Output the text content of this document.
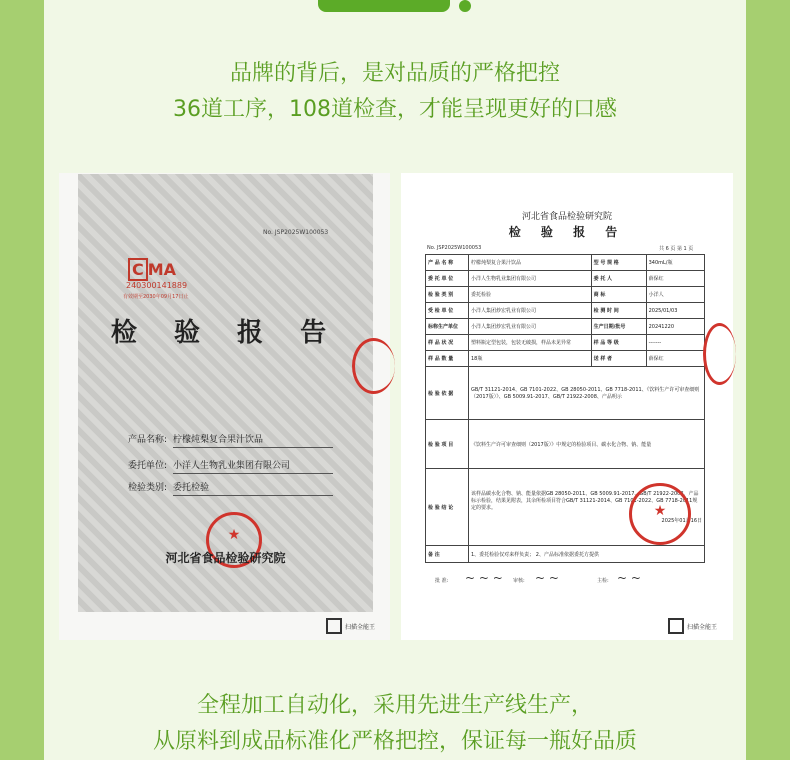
品牌的背后，是对品质的严格把控
36道工序，108道检查，才能呈现更好的口感
No. JSP2025W100053
C MA
240300141889
有效期至2030年09月17日止
检 验 报 告
产品名称: 柠檬炖梨复合果汁饮品
委托单位: 小洋人生物乳业集团有限公司
检验类别: 委托检验
★
河北省食品检验研究院
扫描全能王
河北省食品检验研究院
检 验 报 告
No. JSP2025W100053	共 6 页 第 1 页
产 品 名 称	柠檬炖梨复合果汁饮品	型 号 规 格	340mL/瓶
委 托 单 位	小洋人生物乳业集团有限公司	委 托 人	薛保红
检 验 类 别	委托检验	商 标	小洋人
受 检 单 位	小洋人集团炒宏乳业有限公司	检 测 时 间	2025/01/03
标称生产单位	小洋人集团炒宏乳业有限公司	生产日期/批号	20241220
样 品 状 况	塑料瓶定型包装，包装无破损，样品未见异常	样 品 等 级	-------
样 品 数 量	18瓶	送 样 者	薛保红
检 验 依 据	GB/T 31121-2014、GB 7101-2022、GB 28050-2011、GB 7718-2011、《饮料生产许可审查细则（2017版）》、GB 5009.91-2017、GB/T 21922-2008、产品明示		
检 验 项 目	《饮料生产许可审查细则（2017版）》中规定的检验项目、碳水化合物、钠、能量		
检 验 结 论	该样品碳水化合物、钠、能量依据GB 28050-2011、GB 5009.91-2017、GB/T 21922-2008，产品标示检验，结果见附表，其余所检项目符合GB/T 31121-2014、GB 7101-2022、GB 7718-2011规定的要求。
2025年01月16日		

备 注	1、委托检验仅对来样负责； 2、产品标准依据委托方提供		
★
批 准: ~ ~ ~ 审核: ~ ~	主检: ~ ~
扫描全能王
全程加工自动化，采用先进生产线生产，
从原料到成品标准化严格把控，保证每一瓶好品质
